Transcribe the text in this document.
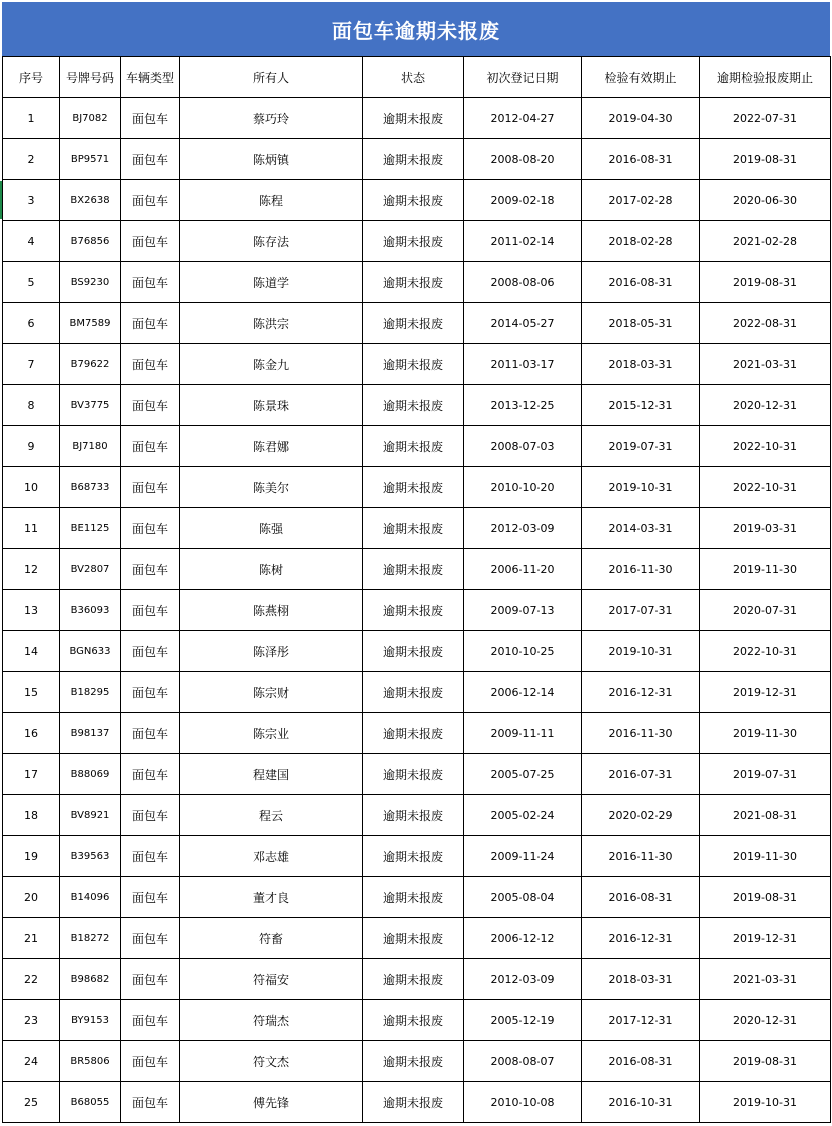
面包车逾期未报废
序号	号牌号码	车辆类型	所有人	状态	初次登记日期	检验有效期止	逾期检验报废期止
1	BJ7082	面包车	蔡巧玲	逾期未报废	2012-04-27	2019-04-30	2022-07-31
2	BP9571	面包车	陈炳镇	逾期未报废	2008-08-20	2016-08-31	2019-08-31
3	BX2638	面包车	陈程	逾期未报废	2009-02-18	2017-02-28	2020-06-30
4	B76856	面包车	陈存法	逾期未报废	2011-02-14	2018-02-28	2021-02-28
5	BS9230	面包车	陈道学	逾期未报废	2008-08-06	2016-08-31	2019-08-31
6	BM7589	面包车	陈洪宗	逾期未报废	2014-05-27	2018-05-31	2022-08-31
7	B79622	面包车	陈金九	逾期未报废	2011-03-17	2018-03-31	2021-03-31
8	BV3775	面包车	陈景珠	逾期未报废	2013-12-25	2015-12-31	2020-12-31
9	BJ7180	面包车	陈君娜	逾期未报废	2008-07-03	2019-07-31	2022-10-31
10	B68733	面包车	陈美尔	逾期未报废	2010-10-20	2019-10-31	2022-10-31
11	BE1125	面包车	陈强	逾期未报废	2012-03-09	2014-03-31	2019-03-31
12	BV2807	面包车	陈树	逾期未报废	2006-11-20	2016-11-30	2019-11-30
13	B36093	面包车	陈燕栩	逾期未报废	2009-07-13	2017-07-31	2020-07-31
14	BGN633	面包车	陈泽彤	逾期未报废	2010-10-25	2019-10-31	2022-10-31
15	B18295	面包车	陈宗财	逾期未报废	2006-12-14	2016-12-31	2019-12-31
16	B98137	面包车	陈宗业	逾期未报废	2009-11-11	2016-11-30	2019-11-30
17	B88069	面包车	程建国	逾期未报废	2005-07-25	2016-07-31	2019-07-31
18	BV8921	面包车	程云	逾期未报废	2005-02-24	2020-02-29	2021-08-31
19	B39563	面包车	邓志雄	逾期未报废	2009-11-24	2016-11-30	2019-11-30
20	B14096	面包车	董才良	逾期未报废	2005-08-04	2016-08-31	2019-08-31
21	B18272	面包车	符畜	逾期未报废	2006-12-12	2016-12-31	2019-12-31
22	B98682	面包车	符福安	逾期未报废	2012-03-09	2018-03-31	2021-03-31
23	BY9153	面包车	符瑞杰	逾期未报废	2005-12-19	2017-12-31	2020-12-31
24	BR5806	面包车	符文杰	逾期未报废	2008-08-07	2016-08-31	2019-08-31
25	B68055	面包车	傅先锋	逾期未报废	2010-10-08	2016-10-31	2019-10-31
